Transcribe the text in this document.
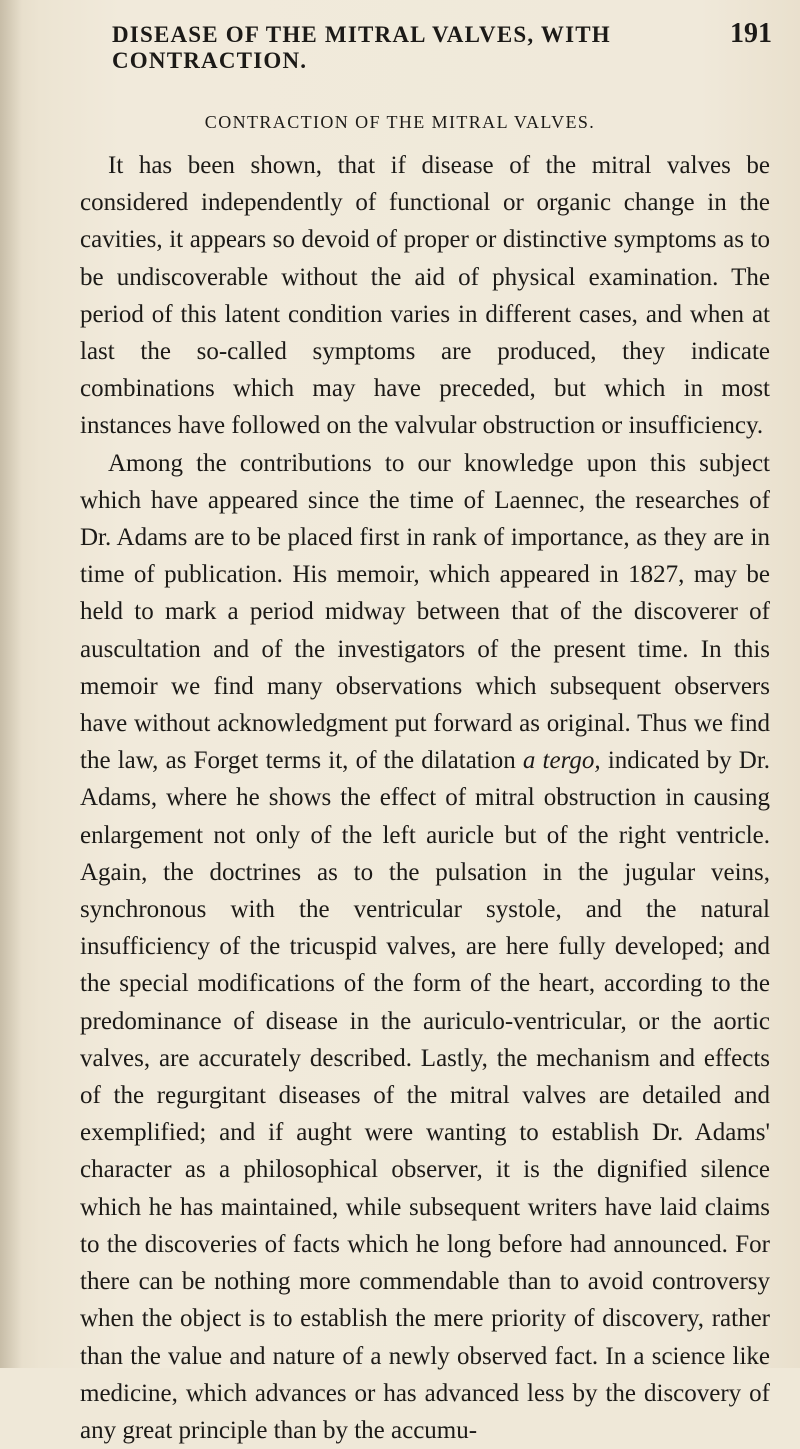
DISEASE OF THE MITRAL VALVES, WITH CONTRACTION.
191
CONTRACTION OF THE MITRAL VALVES.

It has been shown, that if disease of the mitral valves be considered independently of functional or organic change in the cavities, it appears so devoid of proper or distinctive symptoms as to be undiscoverable without the aid of physical examination. The period of this latent condition varies in different cases, and when at last the so-called symptoms are produced, they indicate combinations which may have preceded, but which in most instances have followed on the valvular obstruction or insufficiency.

Among the contributions to our knowledge upon this subject which have appeared since the time of Laennec, the researches of Dr. Adams are to be placed first in rank of importance, as they are in time of publication. His memoir, which appeared in 1827, may be held to mark a period midway between that of the discoverer of auscultation and of the investigators of the present time. In this memoir we find many observations which subsequent observers have without acknowledgment put forward as original. Thus we find the law, as Forget terms it, of the dilatation a tergo, indicated by Dr. Adams, where he shows the effect of mitral obstruction in causing enlargement not only of the left auricle but of the right ventricle. Again, the doctrines as to the pulsation in the jugular veins, synchronous with the ventricular systole, and the natural insufficiency of the tricuspid valves, are here fully developed; and the special modifications of the form of the heart, according to the predominance of disease in the auriculo-ventricular, or the aortic valves, are accurately described. Lastly, the mechanism and effects of the regurgitant diseases of the mitral valves are detailed and exemplified; and if aught were wanting to establish Dr. Adams' character as a philosophical observer, it is the dignified silence which he has maintained, while subsequent writers have laid claims to the discoveries of facts which he long before had announced. For there can be nothing more commendable than to avoid controversy when the object is to establish the mere priority of discovery, rather than the value and nature of a newly observed fact. In a science like medicine, which advances or has advanced less by the discovery of any great principle than by the accumu-
